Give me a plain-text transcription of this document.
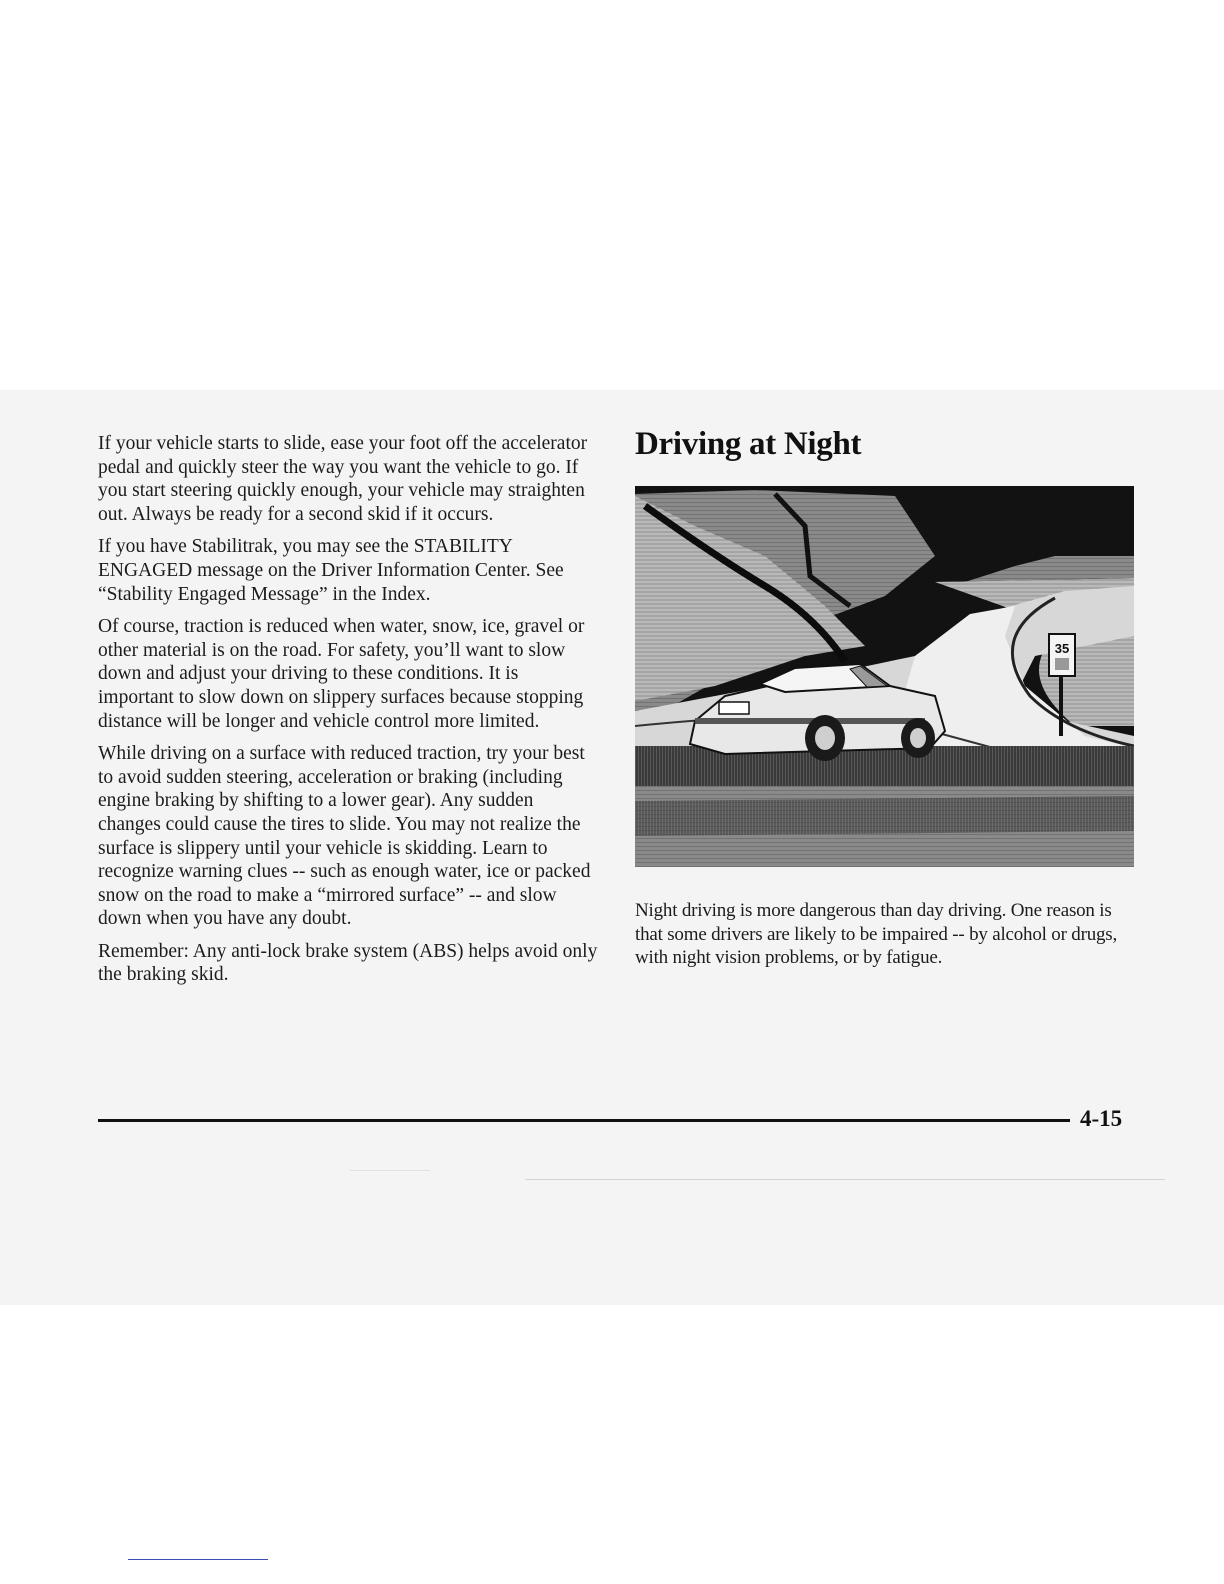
If your vehicle starts to slide, ease your foot off the accelerator pedal and quickly steer the way you want the vehicle to go. If you start steering quickly enough, your vehicle may straighten out. Always be ready for a second skid if it occurs.

If you have Stabilitrak, you may see the STABILITY ENGAGED message on the Driver Information Center. See “Stability Engaged Message” in the Index.

Of course, traction is reduced when water, snow, ice, gravel or other material is on the road. For safety, you’ll want to slow down and adjust your driving to these conditions. It is important to slow down on slippery surfaces because stopping distance will be longer and vehicle control more limited.

While driving on a surface with reduced traction, try your best to avoid sudden steering, acceleration or braking (including engine braking by shifting to a lower gear). Any sudden changes could cause the tires to slide. You may not realize the surface is slippery until your vehicle is skidding. Learn to recognize warning clues -- such as enough water, ice or packed snow on the road to make a “mirrored surface” -- and slow down when you have any doubt.

Remember: Any anti-lock brake system (ABS) helps avoid only the braking skid.

Driving at Night
35

Night driving is more dangerous than day driving. One reason is that some drivers are likely to be impaired -- by alcohol or drugs, with night vision problems, or by fatigue.

4-15
